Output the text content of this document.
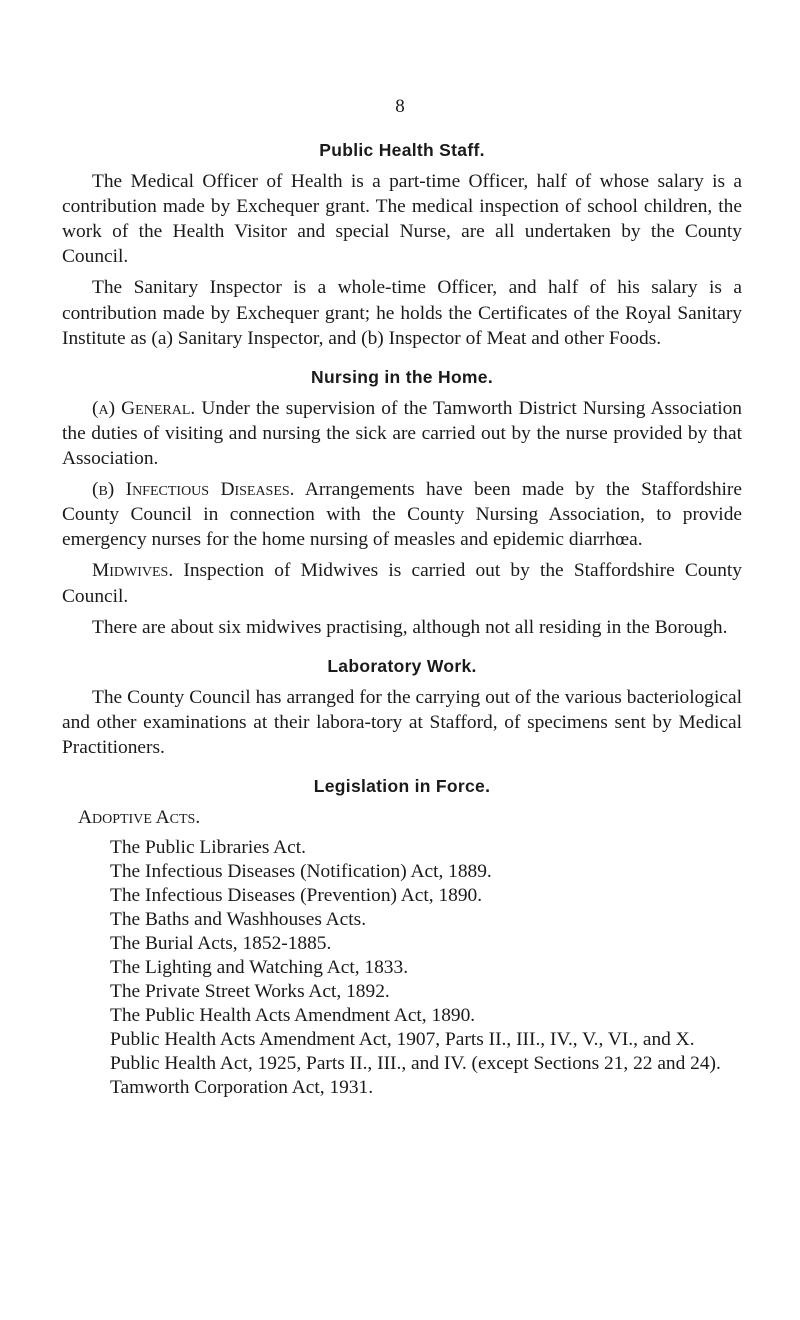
8
Public Health Staff.

The Medical Officer of Health is a part-time Officer, half of whose salary is a contribution made by Exchequer grant. The medical inspection of school children, the work of the Health Visitor and special Nurse, are all undertaken by the County Council.

The Sanitary Inspector is a whole-time Officer, and half of his salary is a contribution made by Exchequer grant; he holds the Certificates of the Royal Sanitary Institute as (a) Sanitary Inspector, and (b) Inspector of Meat and other Foods.

Nursing in the Home.

(a) General. Under the supervision of the Tamworth District Nursing Association the duties of visiting and nursing the sick are carried out by the nurse provided by that Association.

(b) Infectious Diseases. Arrangements have been made by the Staffordshire County Council in connection with the County Nursing Association, to provide emergency nurses for the home nursing of measles and epidemic diarrhœa.

Midwives. Inspection of Midwives is carried out by the Staffordshire County Council.

There are about six midwives practising, although not all residing in the Borough.

Laboratory Work.

The County Council has arranged for the carrying out of the various bacteriological and other examinations at their labora-tory at Stafford, of specimens sent by Medical Practitioners.

Legislation in Force.
Adoptive Acts.

The Public Libraries Act.

The Infectious Diseases (Notification) Act, 1889.

The Infectious Diseases (Prevention) Act, 1890.

The Baths and Washhouses Acts.

The Burial Acts, 1852-1885.

The Lighting and Watching Act, 1833.

The Private Street Works Act, 1892.

The Public Health Acts Amendment Act, 1890.

Public Health Acts Amendment Act, 1907, Parts II., III., IV., V., VI., and X.

Public Health Act, 1925, Parts II., III., and IV. (except Sections 21, 22 and 24).

Tamworth Corporation Act, 1931.
